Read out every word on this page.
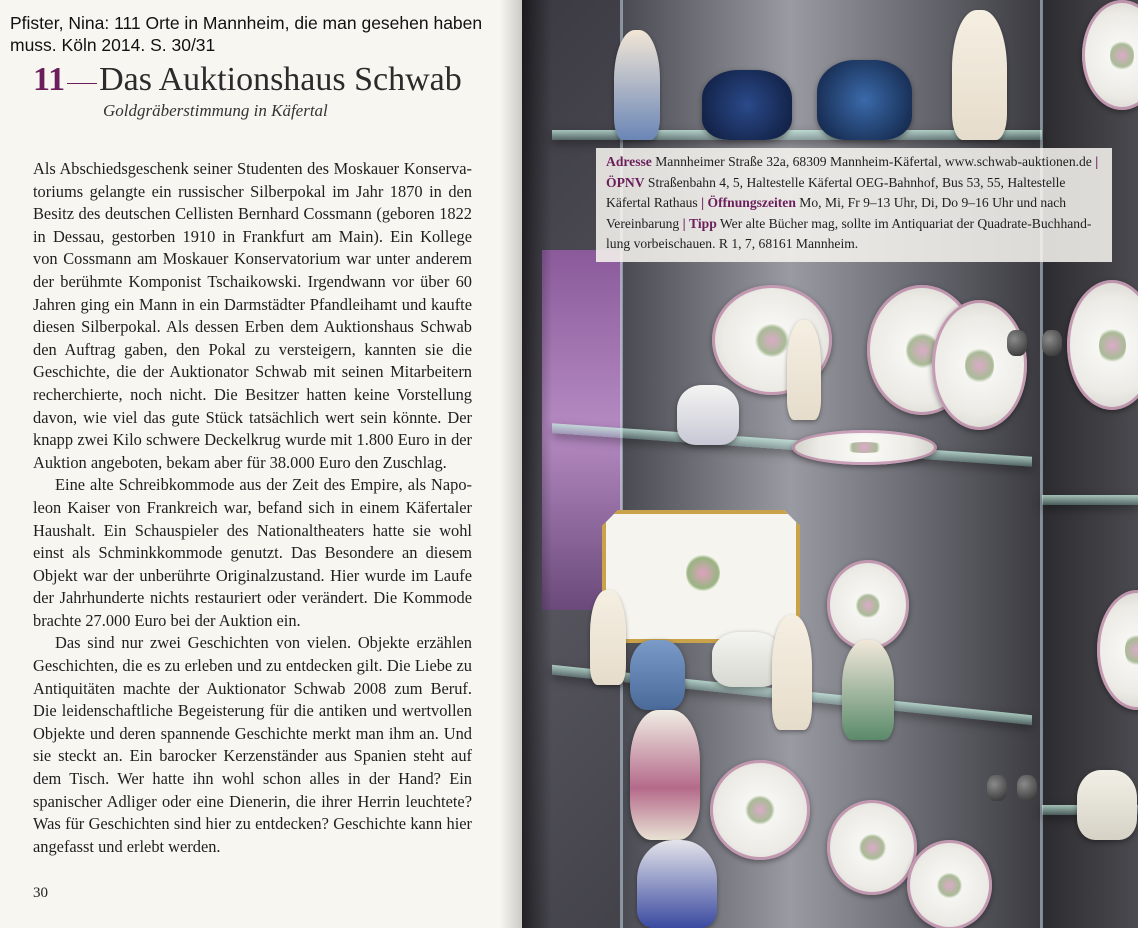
Pfister, Nina: 111 Orte in Mannheim, die man gesehen haben muss. Köln 2014. S. 30/31
11 Das Auktionshaus Schwab
Goldgräberstimmung in Käfertal

Als Abschiedsgeschenk seiner Studenten des Moskauer Konservatoriums gelangte ein russischer Silberpokal im Jahr 1870 in den Besitz des deutschen Cellisten Bernhard Cossmann (geboren 1822 in Dessau, gestorben 1910 in Frankfurt am Main). Ein Kollege von Cossmann am Moskauer Konservatorium war unter anderem der berühmte Komponist Tschaikowski. Irgendwann vor über 60 Jahren ging ein Mann in ein Darmstädter Pfandleihamt und kaufte diesen Silberpokal. Als dessen Erben dem Auktionshaus Schwab den Auftrag gaben, den Pokal zu versteigern, kannten sie die Geschichte, die der Auktionator Schwab mit seinen Mitarbeitern recherchierte, noch nicht. Die Besitzer hatten keine Vorstellung davon, wie viel das gute Stück tatsächlich wert sein könnte. Der knapp zwei Kilo schwere Deckelkrug wurde mit 1.800 Euro in der Auktion angeboten, bekam aber für 38.000 Euro den Zuschlag.

Eine alte Schreibkommode aus der Zeit des Empire, als Napoleon Kaiser von Frankreich war, befand sich in einem Käfertaler Haushalt. Ein Schauspieler des Nationaltheaters hatte sie wohl einst als Schminkkommode genutzt. Das Besondere an diesem Objekt war der unberührte Originalzustand. Hier wurde im Laufe der Jahrhunderte nichts restauriert oder verändert. Die Kommode brachte 27.000 Euro bei der Auktion ein.

Das sind nur zwei Geschichten von vielen. Objekte erzählen Geschichten, die es zu erleben und zu entdecken gilt. Die Liebe zu Antiquitäten machte der Auktionator Schwab 2008 zum Beruf. Die leidenschaftliche Begeisterung für die antiken und wertvollen Objekte und deren spannende Geschichte merkt man ihm an. Und sie steckt an. Ein barocker Kerzenständer aus Spanien steht auf dem Tisch. Wer hatte ihn wohl schon alles in der Hand? Ein spanischer Adliger oder eine Dienerin, die ihrer Herrin leuchtete? Was für Geschichten sind hier zu entdecken? Geschichte kann hier angefasst und erlebt werden.

30
Adresse Mannheimer Straße 32a, 68309 Mannheim-Käfertal, www.schwab-auktionen.de | ÖPNV Straßenbahn 4, 5, Haltestelle Käfertal OEG-Bahnhof, Bus 53, 55, Haltestelle Käfertal Rathaus | Öffnungszeiten Mo, Mi, Fr 9–13 Uhr, Di, Do 9–16 Uhr und nach Vereinbarung | Tipp Wer alte Bücher mag, sollte im Antiquariat der Quadrate-Buchhandlung vorbeischauen. R 1, 7, 68161 Mannheim.
